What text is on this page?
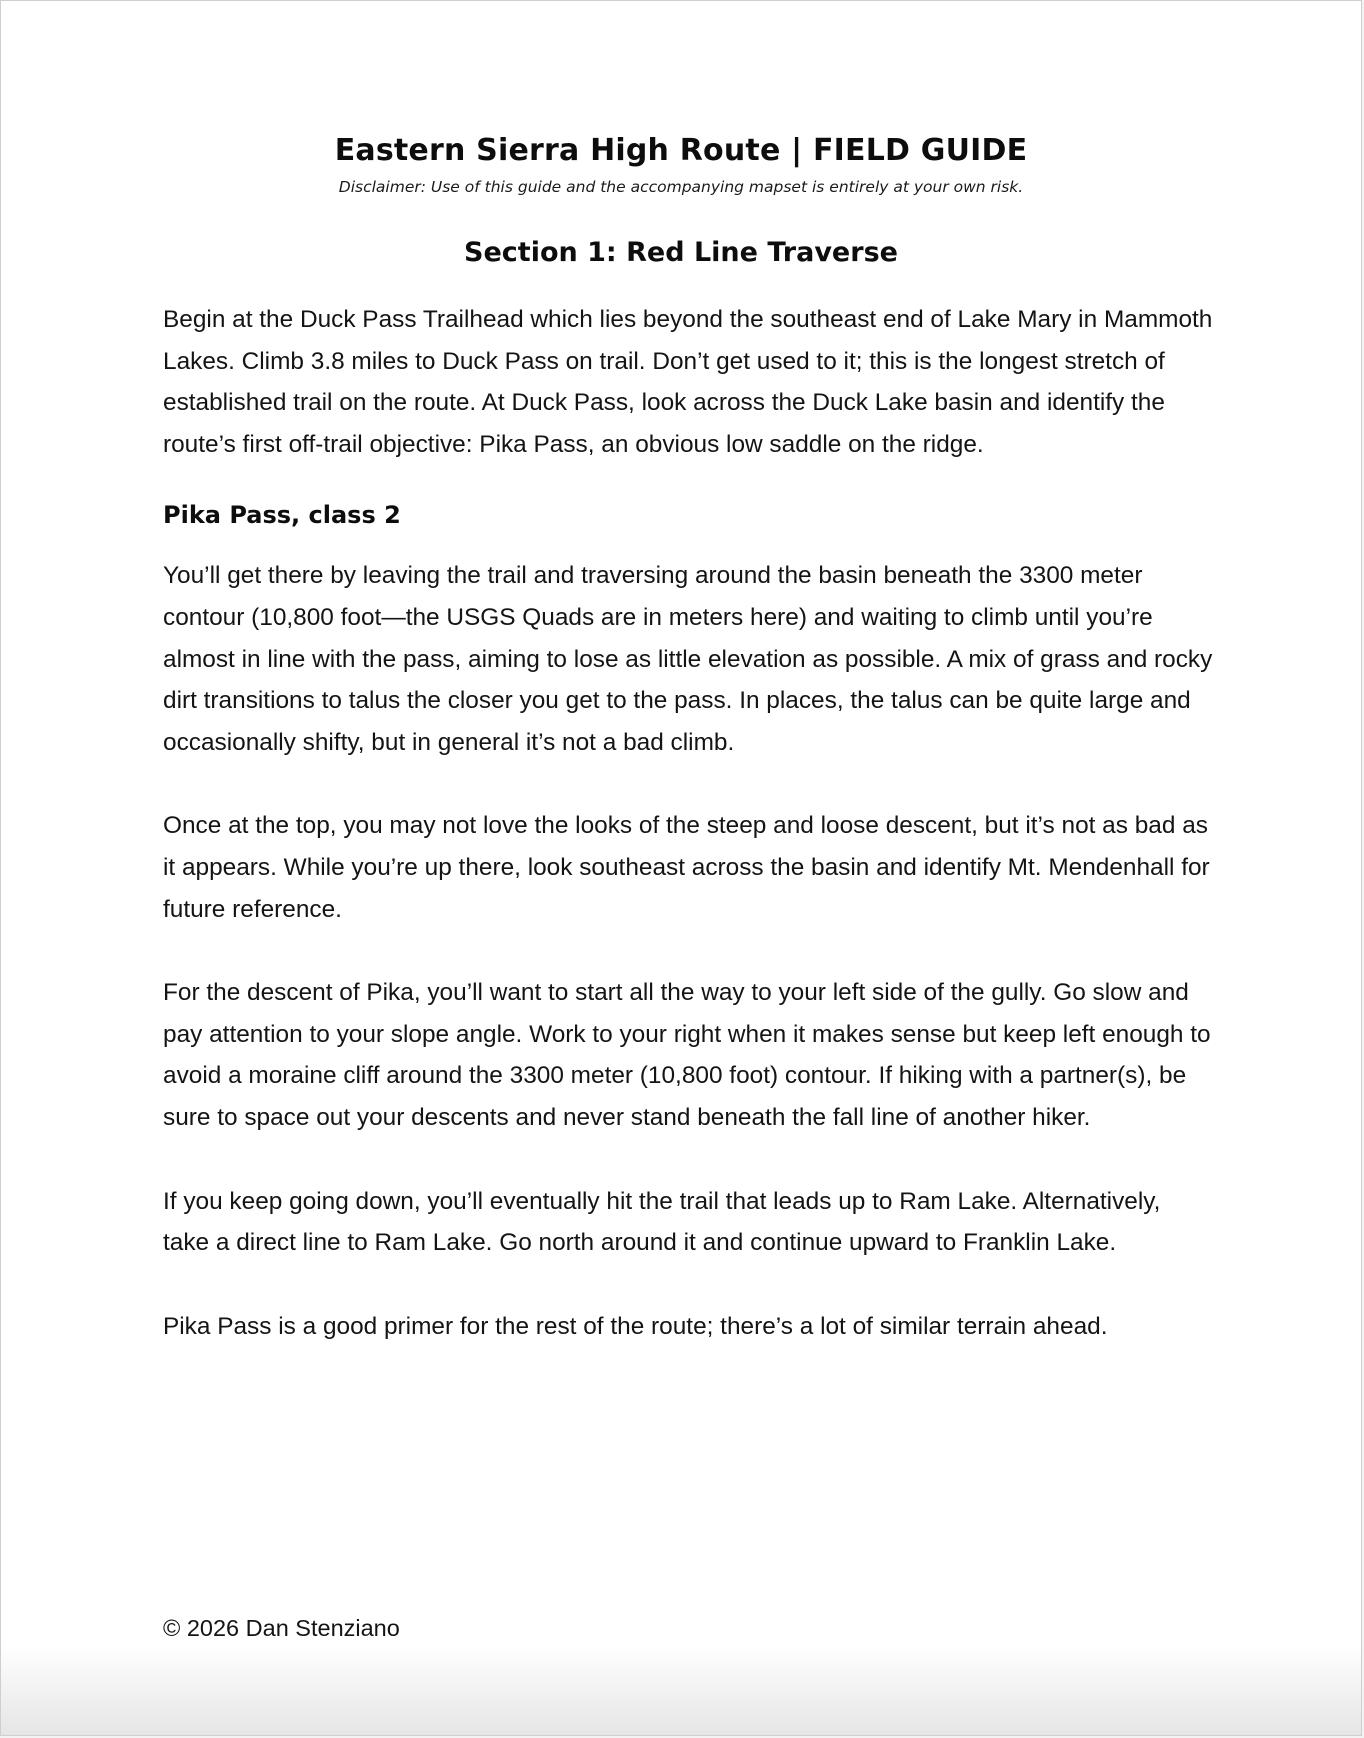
Eastern Sierra High Route | FIELD GUIDE

Disclaimer: Use of this guide and the accompanying mapset is entirely at your own risk.

Section 1: Red Line Traverse

Begin at the Duck Pass Trailhead which lies beyond the southeast end of Lake Mary in Mammoth Lakes. Climb 3.8 miles to Duck Pass on trail. Don’t get used to it; this is the longest stretch of established trail on the route. At Duck Pass, look across the Duck Lake basin and identify the route’s first off-trail objective: Pika Pass, an obvious low saddle on the ridge.

Pika Pass, class 2

You’ll get there by leaving the trail and traversing around the basin beneath the 3300 meter contour (10,800 foot—the USGS Quads are in meters here) and waiting to climb until you’re almost in line with the pass, aiming to lose as little elevation as possible. A mix of grass and rocky dirt transitions to talus the closer you get to the pass. In places, the talus can be quite large and occasionally shifty, but in general it’s not a bad climb.

Once at the top, you may not love the looks of the steep and loose descent, but it’s not as bad as it appears. While you’re up there, look southeast across the basin and identify Mt. Mendenhall for future reference.

For the descent of Pika, you’ll want to start all the way to your left side of the gully. Go slow and pay attention to your slope angle. Work to your right when it makes sense but keep left enough to avoid a moraine cliff around the 3300 meter (10,800 foot) contour. If hiking with a partner(s), be sure to space out your descents and never stand beneath the fall line of another hiker.

If you keep going down, you’ll eventually hit the trail that leads up to Ram Lake. Alternatively, take a direct line to Ram Lake. Go north around it and continue upward to Franklin Lake.

Pika Pass is a good primer for the rest of the route; there’s a lot of similar terrain ahead.

© 2026 Dan Stenziano
